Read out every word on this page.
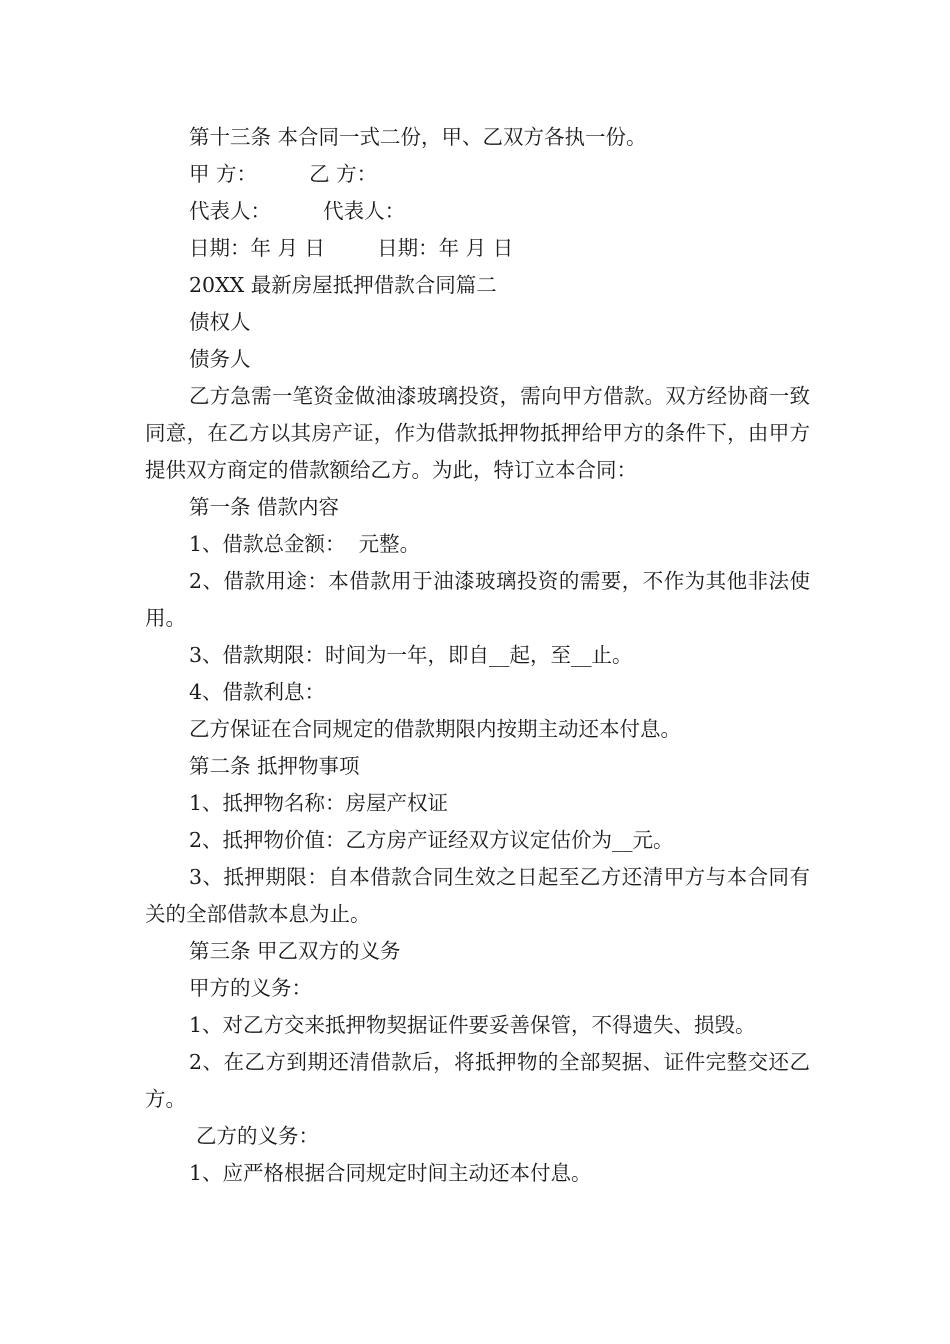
第十三条 本合同一式二份，甲、乙双方各执一份。

甲 方：        乙 方：

代表人：        代表人：

日期：年 月 日        日期：年 月 日

20XX 最新房屋抵押借款合同篇二

债权人

债务人

乙方急需一笔资金做油漆玻璃投资，需向甲方借款。双方经协商一致同意，在乙方以其房产证，作为借款抵押物抵押给甲方的条件下，由甲方提供双方商定的借款额给乙方。为此，特订立本合同：

第一条 借款内容

1、借款总金额：  元整。

2、借款用途：本借款用于油漆玻璃投资的需要，不作为其他非法使用。

3、借款期限：时间为一年，即自__起，至__止。

4、借款利息：

乙方保证在合同规定的借款期限内按期主动还本付息。

第二条 抵押物事项

1、抵押物名称：房屋产权证

2、抵押物价值：乙方房产证经双方议定估价为__元。

3、抵押期限：自本借款合同生效之日起至乙方还清甲方与本合同有关的全部借款本息为止。

第三条 甲乙双方的义务

甲方的义务：

1、对乙方交来抵押物契据证件要妥善保管，不得遗失、损毁。

2、在乙方到期还清借款后，将抵押物的全部契据、证件完整交还乙方。

乙方的义务：

1、应严格根据合同规定时间主动还本付息。
